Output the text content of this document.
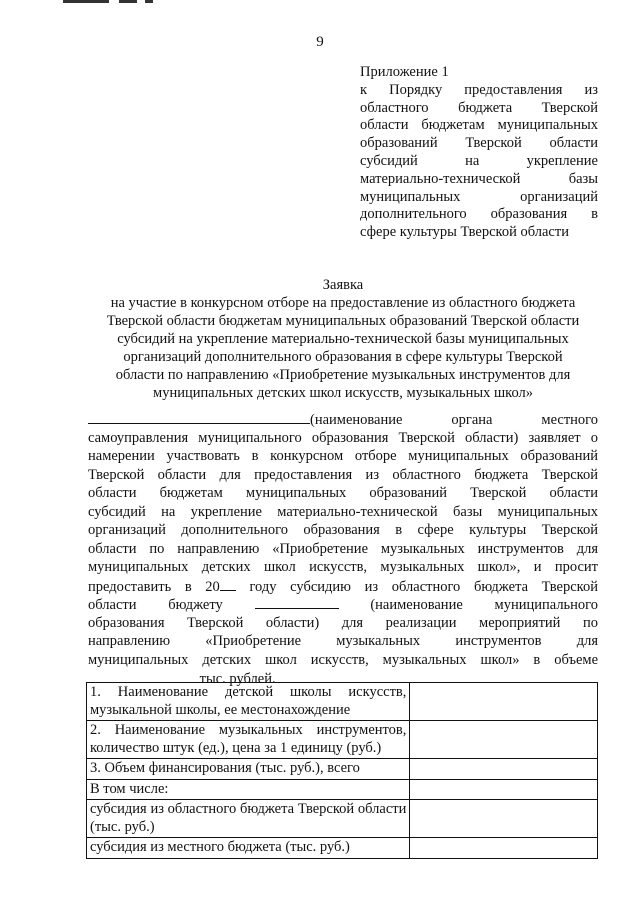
9
Приложение 1
к Порядку предоставления из
областного бюджета Тверской
области бюджетам муниципальных
образований Тверской области
субсидий на укрепление
материально-технической базы
муниципальных организаций
дополнительного образования в
сфере культуры Тверской области
Заявка
на участие в конкурсном отборе на предоставление из областного бюджета
Тверской области бюджетам муниципальных образований Тверской области
субсидий на укрепление материально-технической базы муниципальных
организаций дополнительного образования в сфере культуры Тверской
области по направлению «Приобретение музыкальных инструментов для
муниципальных детских школ искусств, музыкальных школ»
(наименование органа местного
самоуправления муниципального образования Тверской области) заявляет о
намерении участвовать в конкурсном отборе муниципальных образований
Тверской области для предоставления из областного бюджета Тверской
области бюджетам муниципальных образований Тверской области
субсидий на укрепление материально-технической базы муниципальных
организаций дополнительного образования в сфере культуры Тверской
области по направлению «Приобретение музыкальных инструментов для
муниципальных детских школ искусств, музыкальных школ», и просит
предоставить в 20 году субсидию из областного бюджета Тверской
области бюджету	(наименование муниципального
образования Тверской области) для реализации мероприятий по
направлению «Приобретение музыкальных инструментов для
муниципальных детских школ искусств, музыкальных школ» в объеме
тыс. рублей.
1. Наименование детской школы искусств, музыкальной школы, ее местонахождение	
2. Наименование музыкальных инструментов, количество штук (ед.), цена за 1 единицу (руб.)	
3. Объем финансирования (тыс. руб.), всего	
В том числе:	
субсидия из областного бюджета Тверской области (тыс. руб.)	
субсидия из местного бюджета (тыс. руб.)	
